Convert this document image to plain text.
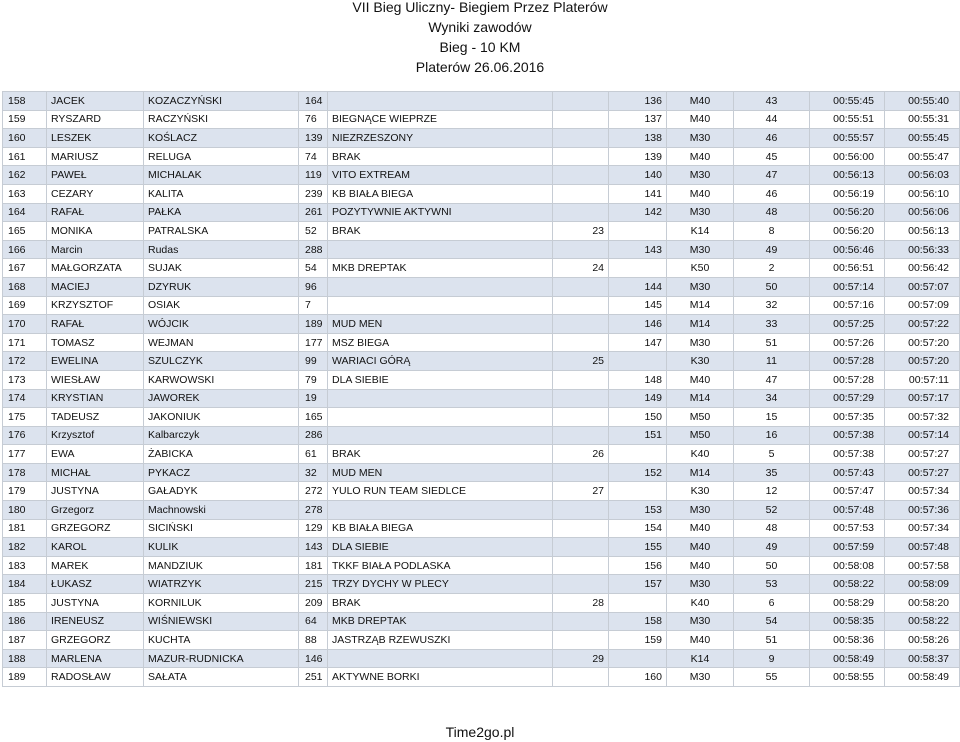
VII Bieg Uliczny- Biegiem Przez Platerów
Wyniki zawodów
Bieg - 10 KM
Platerów 26.06.2016
158	JACEK	KOZACZYŃSKI	164			136	M40	43	00:55:45	00:55:40
159	RYSZARD	RACZYŃSKI	76	BIEGNĄCE WIEPRZE		137	M40	44	00:55:51	00:55:31
160	LESZEK	KOŚLACZ	139	NIEZRZESZONY		138	M30	46	00:55:57	00:55:45
161	MARIUSZ	RELUGA	74	BRAK		139	M40	45	00:56:00	00:55:47
162	PAWEŁ	MICHALAK	119	VITO EXTREAM		140	M30	47	00:56:13	00:56:03
163	CEZARY	KALITA	239	KB BIAŁA BIEGA		141	M40	46	00:56:19	00:56:10
164	RAFAŁ	PAŁKA	261	POZYTYWNIE AKTYWNI		142	M30	48	00:56:20	00:56:06
165	MONIKA	PATRALSKA	52	BRAK	23		K14	8	00:56:20	00:56:13
166	Marcin	Rudas	288			143	M30	49	00:56:46	00:56:33
167	MAŁGORZATA	SUJAK	54	MKB DREPTAK	24		K50	2	00:56:51	00:56:42
168	MACIEJ	DZYRUK	96			144	M30	50	00:57:14	00:57:07
169	KRZYSZTOF	OSIAK	7			145	M14	32	00:57:16	00:57:09
170	RAFAŁ	WÓJCIK	189	MUD MEN		146	M14	33	00:57:25	00:57:22
171	TOMASZ	WEJMAN	177	MSZ BIEGA		147	M30	51	00:57:26	00:57:20
172	EWELINA	SZULCZYK	99	WARIACI GÓRĄ	25		K30	11	00:57:28	00:57:20
173	WIESŁAW	KARWOWSKI	79	DLA SIEBIE		148	M40	47	00:57:28	00:57:11
174	KRYSTIAN	JAWOREK	19			149	M14	34	00:57:29	00:57:17
175	TADEUSZ	JAKONIUK	165			150	M50	15	00:57:35	00:57:32
176	Krzysztof	Kalbarczyk	286			151	M50	16	00:57:38	00:57:14
177	EWA	ŻABICKA	61	BRAK	26		K40	5	00:57:38	00:57:27
178	MICHAŁ	PYKACZ	32	MUD MEN		152	M14	35	00:57:43	00:57:27
179	JUSTYNA	GAŁADYK	272	YULO RUN TEAM SIEDLCE	27		K30	12	00:57:47	00:57:34
180	Grzegorz	Machnowski	278			153	M30	52	00:57:48	00:57:36
181	GRZEGORZ	SICIŃSKI	129	KB BIAŁA BIEGA		154	M40	48	00:57:53	00:57:34
182	KAROL	KULIK	143	DLA SIEBIE		155	M40	49	00:57:59	00:57:48
183	MAREK	MANDZIUK	181	TKKF BIAŁA PODLASKA		156	M40	50	00:58:08	00:57:58
184	ŁUKASZ	WIATRZYK	215	TRZY DYCHY W PLECY		157	M30	53	00:58:22	00:58:09
185	JUSTYNA	KORNILUK	209	BRAK	28		K40	6	00:58:29	00:58:20
186	IRENEUSZ	WIŚNIEWSKI	64	MKB DREPTAK		158	M30	54	00:58:35	00:58:22
187	GRZEGORZ	KUCHTA	88	JASTRZĄB RZEWUSZKI		159	M40	51	00:58:36	00:58:26
188	MARLENA	MAZUR-RUDNICKA	146		29		K14	9	00:58:49	00:58:37
189	RADOSŁAW	SAŁATA	251	AKTYWNE BORKI		160	M30	55	00:58:55	00:58:49
Time2go.pl
